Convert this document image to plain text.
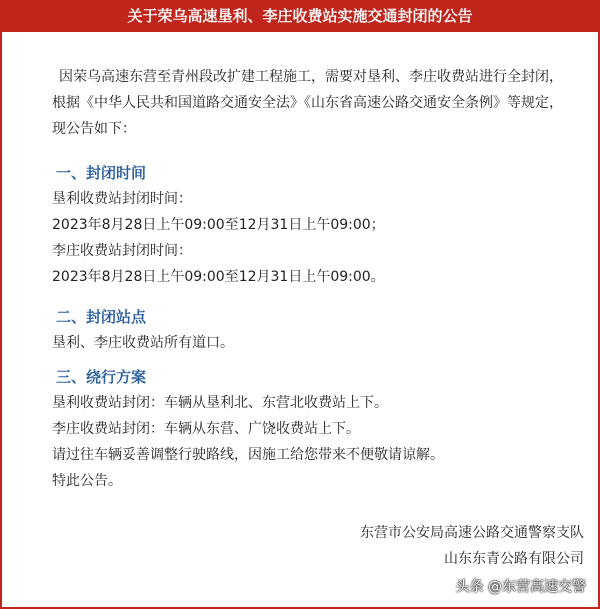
关于荣乌高速垦利、李庄收费站实施交通封闭的公告
因荣乌高速东营至青州段改扩建工程施工，需要对垦利、李庄收费站进行全封闭，根据《中华人民共和国道路交通安全法》《山东省高速公路交通安全条例》等规定，现公告如下：
一、封闭时间
垦利收费站封闭时间：
2023年8月28日上午09:00至12月31日上午09:00；
李庄收费站封闭时间：
2023年8月28日上午09:00至12月31日上午09:00。
二、封闭站点
垦利、李庄收费站所有道口。
三、绕行方案
垦利收费站封闭：车辆从垦利北、东营北收费站上下。
李庄收费站封闭：车辆从东营、广饶收费站上下。
请过往车辆妥善调整行驶路线，因施工给您带来不便敬请谅解。
特此公告。
东营市公安局高速公路交通警察支队
山东东青公路有限公司
头条 @东营高速交警
